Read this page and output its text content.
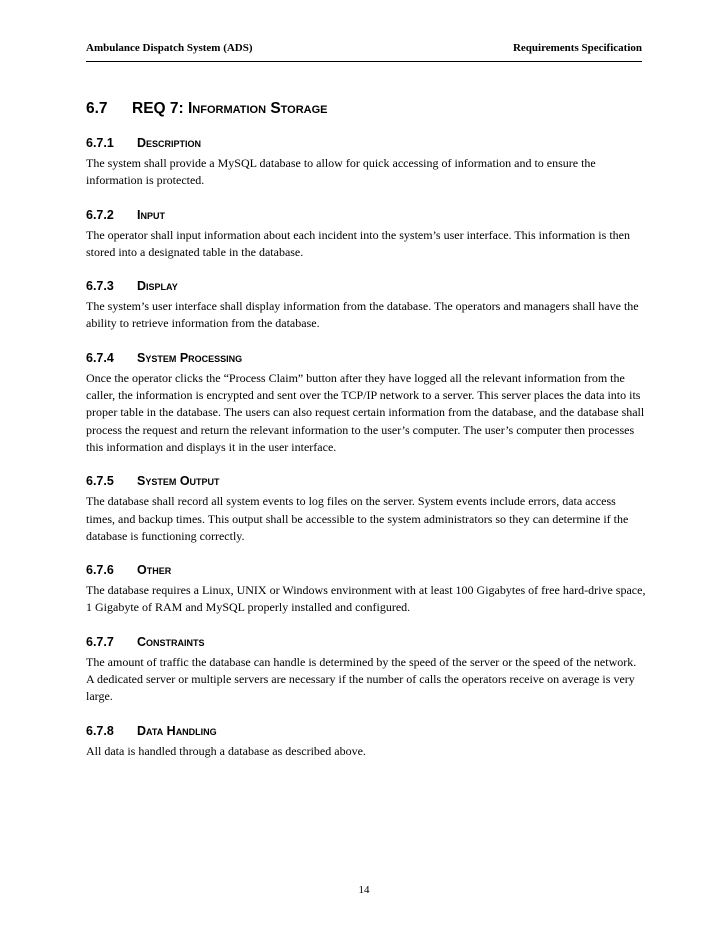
Ambulance Dispatch System (ADS)	Requirements Specification
6.7	REQ 7: Information Storage
6.7.1	Description

The system shall provide a MySQL database to allow for quick accessing of information and to ensure the information is protected.

6.7.2	Input

The operator shall input information about each incident into the system’s user interface. This information is then stored into a designated table in the database.

6.7.3	Display

The system’s user interface shall display information from the database. The operators and managers shall have the ability to retrieve information from the database.

6.7.4	System Processing

Once the operator clicks the “Process Claim” button after they have logged all the relevant information from the caller, the information is encrypted and sent over the TCP/IP network to a server. This server places the data into its proper table in the database. The users can also request certain information from the database, and the database shall process the request and return the relevant information to the user’s computer. The user’s computer then processes this information and displays it in the user interface.

6.7.5	System Output

The database shall record all system events to log files on the server. System events include errors, data access times, and backup times. This output shall be accessible to the system administrators so they can determine if the database is functioning correctly.

6.7.6	Other

The database requires a Linux, UNIX or Windows environment with at least 100 Gigabytes of free hard-drive space, 1 Gigabyte of RAM and MySQL properly installed and configured.

6.7.7	Constraints

The amount of traffic the database can handle is determined by the speed of the server or the speed of the network. A dedicated server or multiple servers are necessary if the number of calls the operators receive on average is very large.

6.7.8	Data Handling

All data is handled through a database as described above.

14
